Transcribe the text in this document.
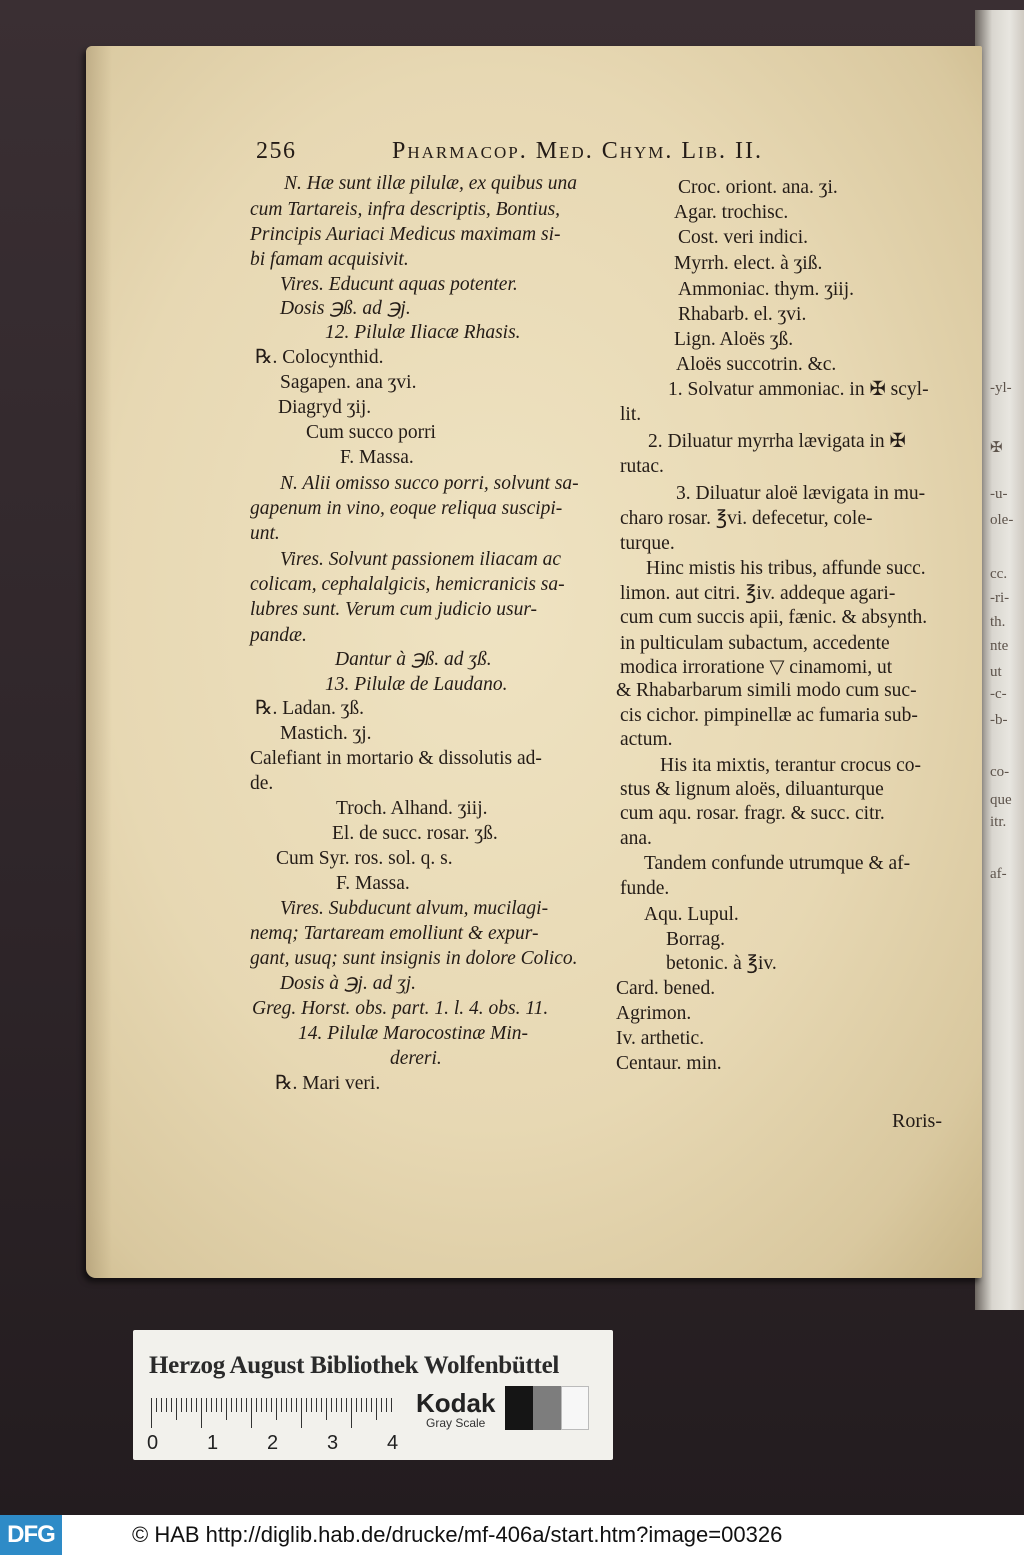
-yl-
✠
-u-
ole-
cc.
-ri-
th.
nte
ut
-c-
-b-
co-
que
itr.
af-
256	Pharmacop. Med. Chym. Lib. II.
N. Hæ sunt illæ pilulæ, ex quibus una
cum Tartareis, infra descriptis, Bontius,
Principis Auriaci Medicus maximam si-
bi famam acquisivit.
Vires. Educunt aquas potenter.
Dosis ℈ß. ad ℈j.
12. Pilulæ Iliacæ Rhasis.
℞. Colocynthid.
Sagapen. ana ʒvi.
Diagryd ʒij.
Cum succo porri
F. Massa.
N. Alii omisso succo porri, solvunt sa-
gapenum in vino, eoque reliqua suscipi-
unt.
Vires. Solvunt passionem iliacam ac
colicam, cephalalgicis, hemicranicis sa-
lubres sunt. Verum cum judicio usur-
pandæ.
Dantur à ℈ß. ad ʒß.
13. Pilulæ de Laudano.
℞. Ladan. ʒß.
Mastich. ʒj.
Calefiant in mortario & dissolutis ad-
de.
Troch. Alhand. ʒiij.
El. de succ. rosar. ʒß.
Cum Syr. ros. sol. q. s.
F. Massa.
Vires. Subducunt alvum, mucilagi-
nemq; Tartaream emolliunt & expur-
gant, usuq; sunt insignis in dolore Colico.
Dosis à ℈j. ad ʒj.
Greg. Horst. obs. part. 1. l. 4. obs. 11.
14. Pilulæ Marocostinæ Min-
dereri.
℞. Mari veri.
Croc. oriont. ana. ʒi.
Agar. trochisc.
Cost. veri indici.
Myrrh. elect. à ʒiß.
Ammoniac. thym. ʒiij.
Rhabarb. el. ʒvi.
Lign. Aloës ʒß.
Aloës succotrin. &c.
1. Solvatur ammoniac. in ✠ scyl-
lit.
2. Diluatur myrrha lævigata in ✠
rutac.
3. Diluatur aloë lævigata in mu-
charo rosar. ℥vi. defecetur, cole-
turque.
Hinc mistis his tribus, affunde succ.
limon. aut citri. ℥iv. addeque agari-
cum cum succis apii, fænic. & absynth.
in pulticulam subactum, accedente
modica irroratione ▽ cinamomi, ut
& Rhabarbarum simili modo cum suc-
cis cichor. pimpinellæ ac fumaria sub-
actum.
His ita mixtis, terantur crocus co-
stus & lignum aloës, diluanturque
cum aqu. rosar. fragr. & succ. citr.
ana.
Tandem confunde utrumque & af-
funde.
Aqu. Lupul.
Borrag.
betonic. à ℥iv.
Card. bened.
Agrimon.
Iv. arthetic.
Centaur. min.
Roris-
Herzog August Bibliothek Wolfenbüttel
0 1 2 3 4
Kodak
Gray Scale
DFG	© HAB http://diglib.hab.de/drucke/mf-406a/start.htm?image=00326
